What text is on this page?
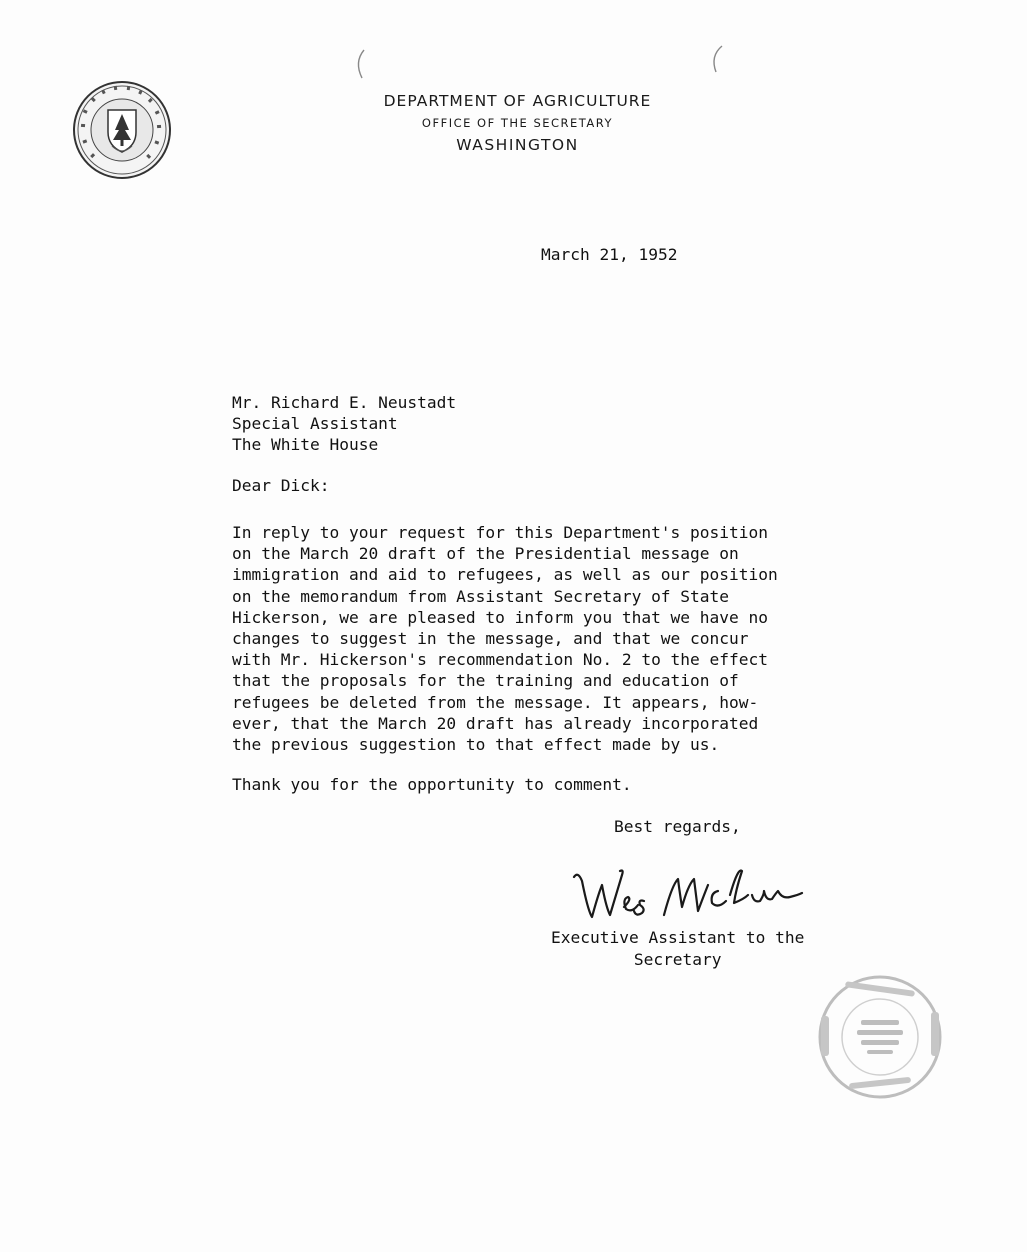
DEPARTMENT OF AGRICULTURE
OFFICE OF THE SECRETARY
WASHINGTON
March 21, 1952
Mr. Richard E. Neustadt
Special Assistant
The White House
Dear Dick:
In reply to your request for this Department's position
on the March 20 draft of the Presidential message on
immigration and aid to refugees, as well as our position
on the memorandum from Assistant Secretary of State
Hickerson, we are pleased to inform you that we have no
changes to suggest in the message, and that we concur
with Mr. Hickerson's recommendation No. 2 to the effect
that the proposals for the training and education of
refugees be deleted from the message. It appears, how-
ever, that the March 20 draft has already incorporated
the previous suggestion to that effect made by us.
Thank you for the opportunity to comment.
Best regards,
Executive Assistant to the
Secretary
